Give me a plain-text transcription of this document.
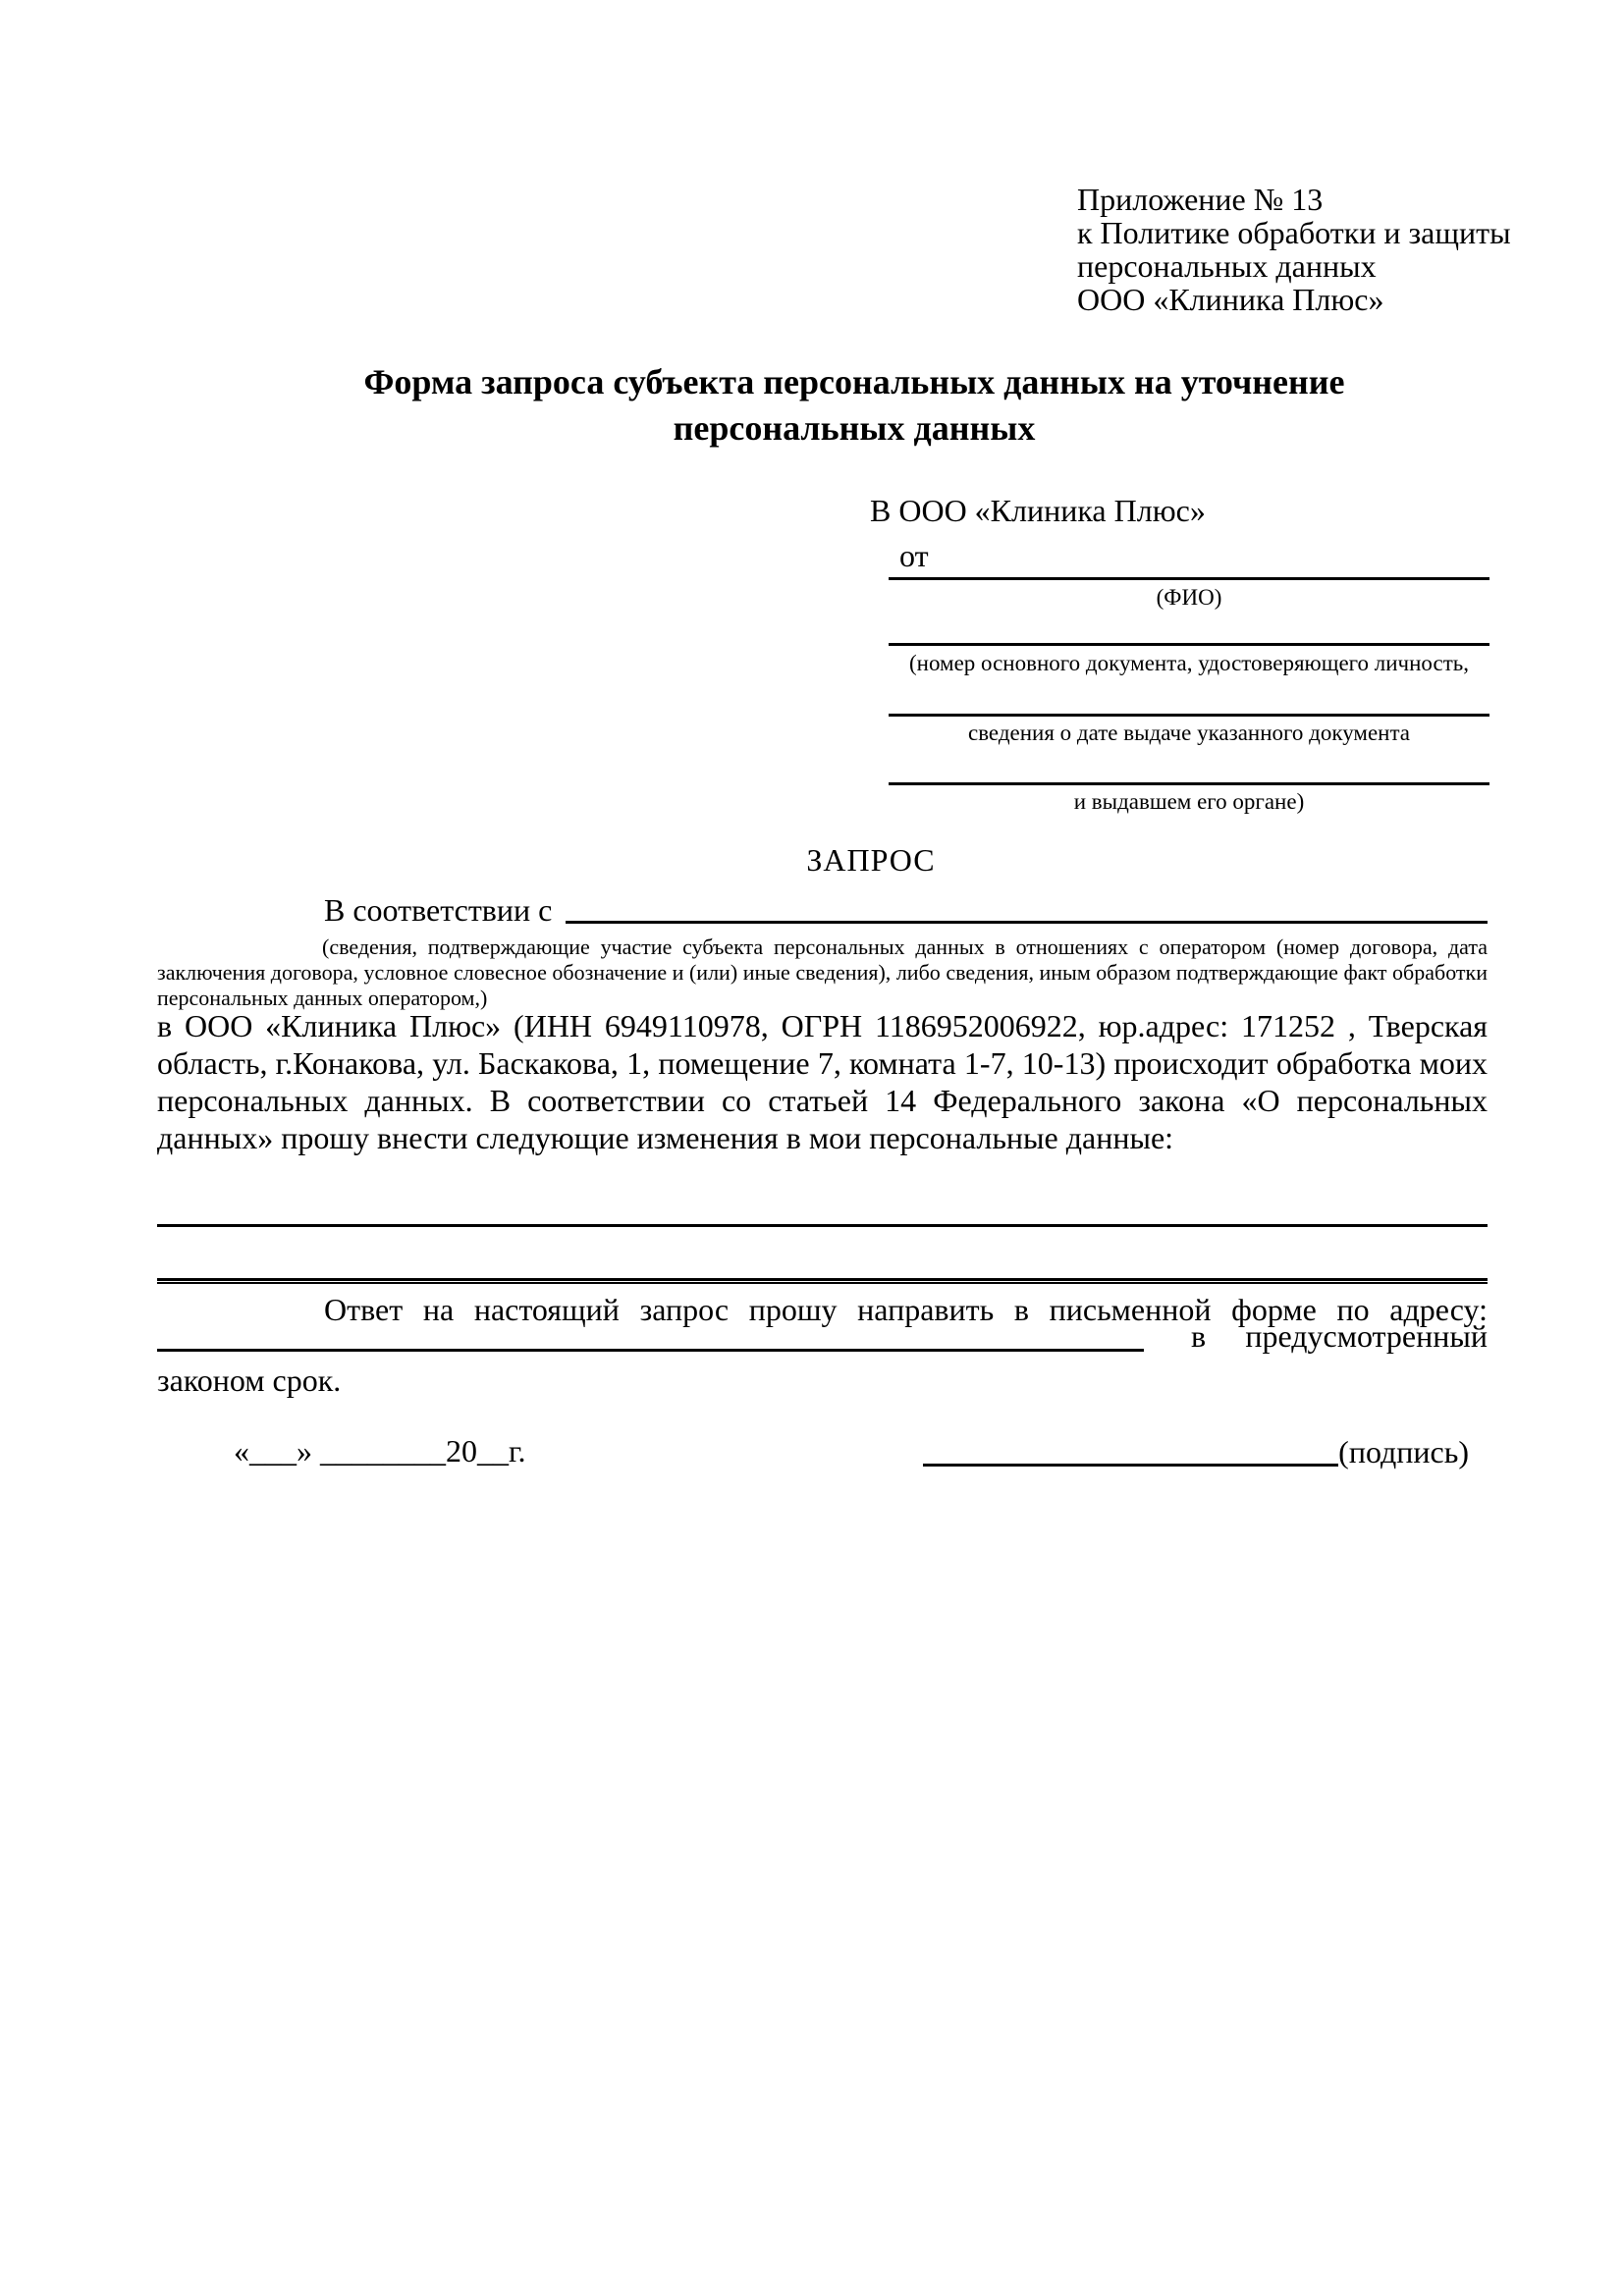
Приложение № 13
к Политике обработки и защиты
персональных данных
ООО «Клиника Плюс»
Форма запроса субъекта персональных данных на уточнение
персональных данных
В ООО «Клиника Плюс»
от
(ФИО)
(номер основного документа, удостоверяющего личность,
сведения о дате выдаче указанного документа
и выдавшем его органе)
ЗАПРОС
В соответствии с
(сведения, подтверждающие участие субъекта персональных данных в отношениях с оператором (номер договора, дата заключения договора, условное словесное обозначение и (или) иные сведения), либо сведения, иным образом подтверждающие факт обработки персональных данных оператором,)
в ООО «Клиника Плюс» (ИНН 6949110978, ОГРН 1186952006922, юр.адрес: 171252 , Тверская область, г.Конакова, ул. Баскакова, 1, помещение 7, комната 1-7, 10-13) происходит обработка моих персональных данных. В соответствии со статьей 14 Федерального закона «О персональных данных» прошу внести следующие изменения в мои персональные данные:
Ответ на настоящий запрос прошу направить в письменной форме по адресу:
в предусмотренный
законом срок.
«___» ________20__г.	(подпись)
